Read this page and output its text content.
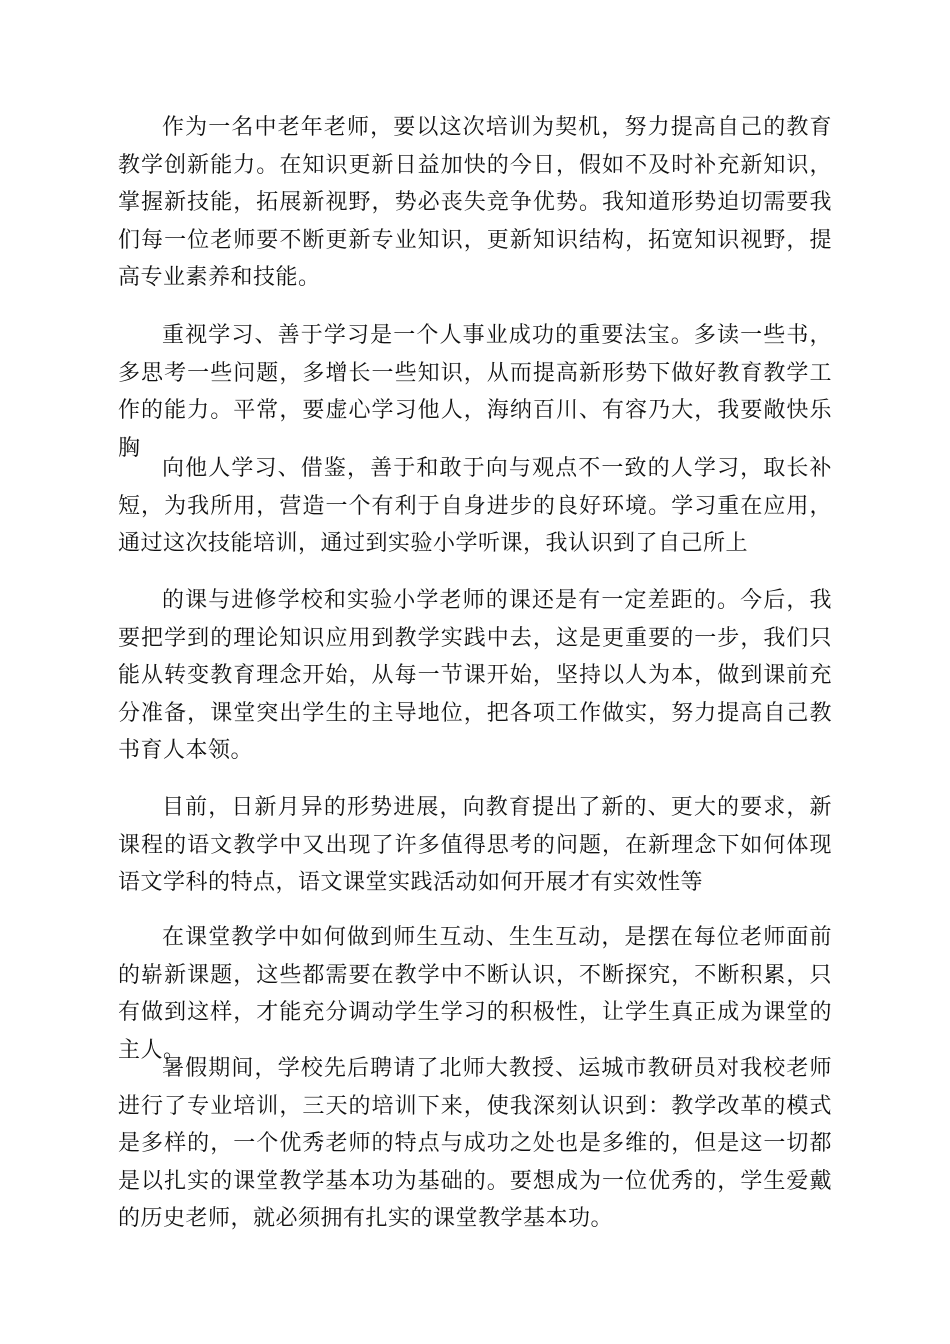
作为一名中老年老师，要以这次培训为契机，努力提高自己的教育教学创新能力。在知识更新日益加快的今日，假如不及时补充新知识，掌握新技能，拓展新视野，势必丧失竞争优势。我知道形势迫切需要我们每一位老师要不断更新专业知识，更新知识结构，拓宽知识视野，提高专业素养和技能。

重视学习、善于学习是一个人事业成功的重要法宝。多读一些书，多思考一些问题，多增长一些知识，从而提高新形势下做好教育教学工作的能力。平常，要虚心学习他人，海纳百川、有容乃大，我要敞快乐胸

向他人学习、借鉴，善于和敢于向与观点不一致的人学习，取长补短，为我所用，营造一个有利于自身进步的良好环境。学习重在应用，通过这次技能培训，通过到实验小学听课，我认识到了自己所上

的课与进修学校和实验小学老师的课还是有一定差距的。今后，我要把学到的理论知识应用到教学实践中去，这是更重要的一步，我们只能从转变教育理念开始，从每一节课开始，坚持以人为本，做到课前充分准备，课堂突出学生的主导地位，把各项工作做实，努力提高自己教书育人本领。

目前，日新月异的形势进展，向教育提出了新的、更大的要求，新课程的语文教学中又出现了许多值得思考的问题，在新理念下如何体现语文学科的特点，语文课堂实践活动如何开展才有实效性等

在课堂教学中如何做到师生互动、生生互动，是摆在每位老师面前的崭新课题，这些都需要在教学中不断认识，不断探究，不断积累，只有做到这样，才能充分调动学生学习的积极性，让学生真正成为课堂的主人。

暑假期间，学校先后聘请了北师大教授、运城市教研员对我校老师进行了专业培训，三天的培训下来，使我深刻认识到：教学改革的模式是多样的，一个优秀老师的特点与成功之处也是多维的，但是这一切都是以扎实的课堂教学基本功为基础的。要想成为一位优秀的，学生爱戴的历史老师，就必须拥有扎实的课堂教学基本功。
